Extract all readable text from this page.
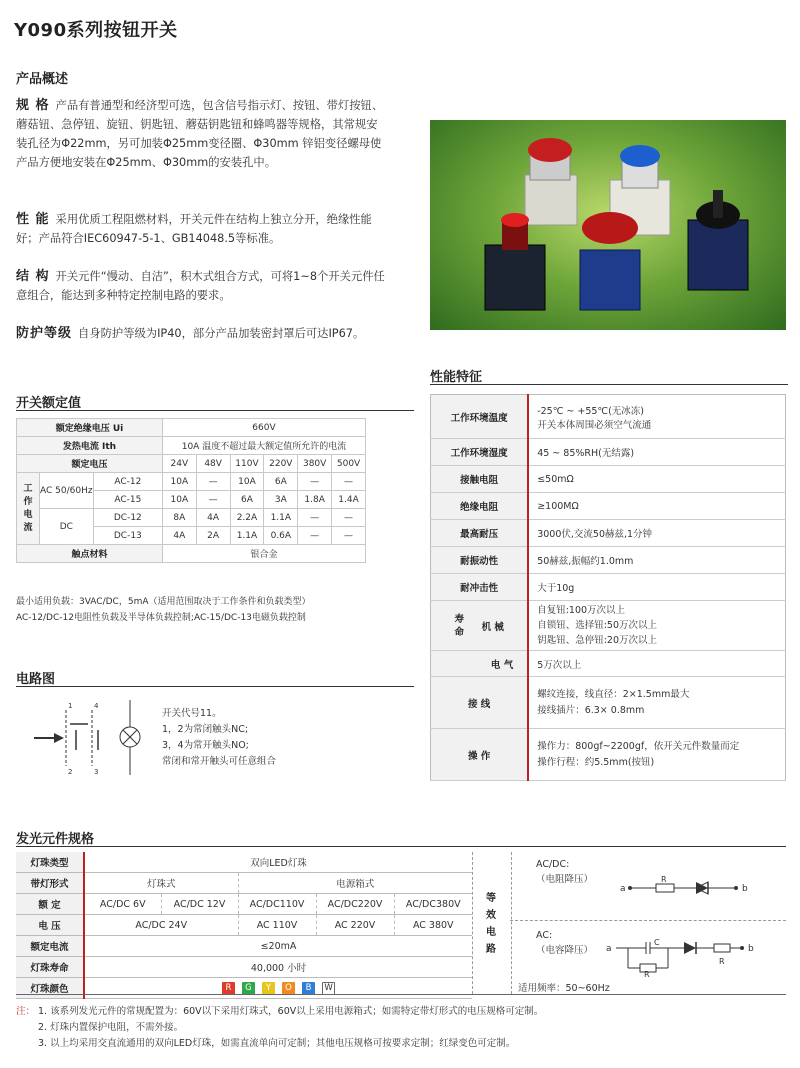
Y090系列按钮开关
产品概述
规 格 产品有普通型和经济型可选，包含信号指示灯、按钮、带灯按钮、蘑菇钮、急停钮、旋钮、钥匙钮、蘑菇钥匙钮和蜂鸣器等规格，其常规安装孔径为Φ22mm，另可加装Φ25mm变径圈、Φ30mm 锌铝变径螺母使产品方便地安装在Φ25mm、Φ30mm的安装孔中。
性 能 采用优质工程阻燃材料，开关元件在结构上独立分开，绝缘性能好；产品符合IEC60947-5-1、GB14048.5等标准。
结 构 开关元件“慢动、自洁”，积木式组合方式，可将1~8个开关元件任意组合，能达到多种特定控制电路的要求。
防护等级 自身防护等级为IP40，部分产品加装密封罩后可达IP67。
开关额定值
额定绝缘电压 Ui			660V					
发热电流 Ith			10A 温度不超过最大额定值所允许的电流					
额定电压			24V	48V	110V	220V	380V	500V
工作电流	AC 50/60Hz	AC-12	10A	—	10A	6A	—	—
		AC-15	10A	—	6A	3A	1.8A	1.4A
	DC	DC-12	8A	4A	2.2A	1.1A	—	—
		DC-13	4A	2A	1.1A	0.6A	—	—
触点材料			银合金					
最小适用负载：3VAC/DC，5mA（适用范围取决于工作条件和负载类型）
AC-12/DC-12电阻性负载及半导体负载控制;AC-15/DC-13电磁负载控制
电路图
1
2	3
4
开关代号11。
1，2为常闭触头NC;
3，4为常开触头NO;
常闭和常开触头可任意组合
性能特征
工作环境温度	-25℃ ~ +55℃(无冰冻)
开关本体周围必须空气流通

工作环境湿度	45 ~ 85%RH(无结露)
接触电阻	≤50mΩ
绝缘电阻	≥100MΩ
最高耐压	3000伏,交流50赫兹,1分钟
耐振动性	50赫兹,振幅约1.0mm
耐冲击性	大于10g
寿命 机 械	自复钮:100万次以上
自锁钮、选择钮:50万次以上
钥匙钮、急停钮:20万次以上

电 气	5万次以上
接 线	螺纹连接，线直径：2×1.5mm最大
接线插片：6.3× 0.8mm

操 作	操作力：800gf~2200gf，依开关元件数量而定
操作行程：约5.5mm(按钮)
发光元件规格
灯珠类型	双向LED灯珠				
带灯形式	灯珠式		电源箱式		
额 定	AC/DC 6V	AC/DC 12V	AC/DC110V	AC/DC220V	AC/DC380V
电 压	AC/DC 24V		AC 110V	AC 220V	AC 380V
额定电流	≤20mA				
灯珠寿命	40,000 小时				
灯珠颜色	R G Y O B W				
等效电路
AC/DC:
（电阻降压）
a
R
b
AC:
（电容降压） a
C
R
R
b
适用频率：50~60Hz
注： 1. 该系列发光元件的常规配置为：60V以下采用灯珠式，60V以上采用电源箱式；如需特定带灯形式的电压规格可定制。
2. 灯珠内置保护电阻，不需外接。
3. 以上均采用交直流通用的双向LED灯珠，如需直流单向可定制；其他电压规格可按要求定制；红绿变色可定制。
